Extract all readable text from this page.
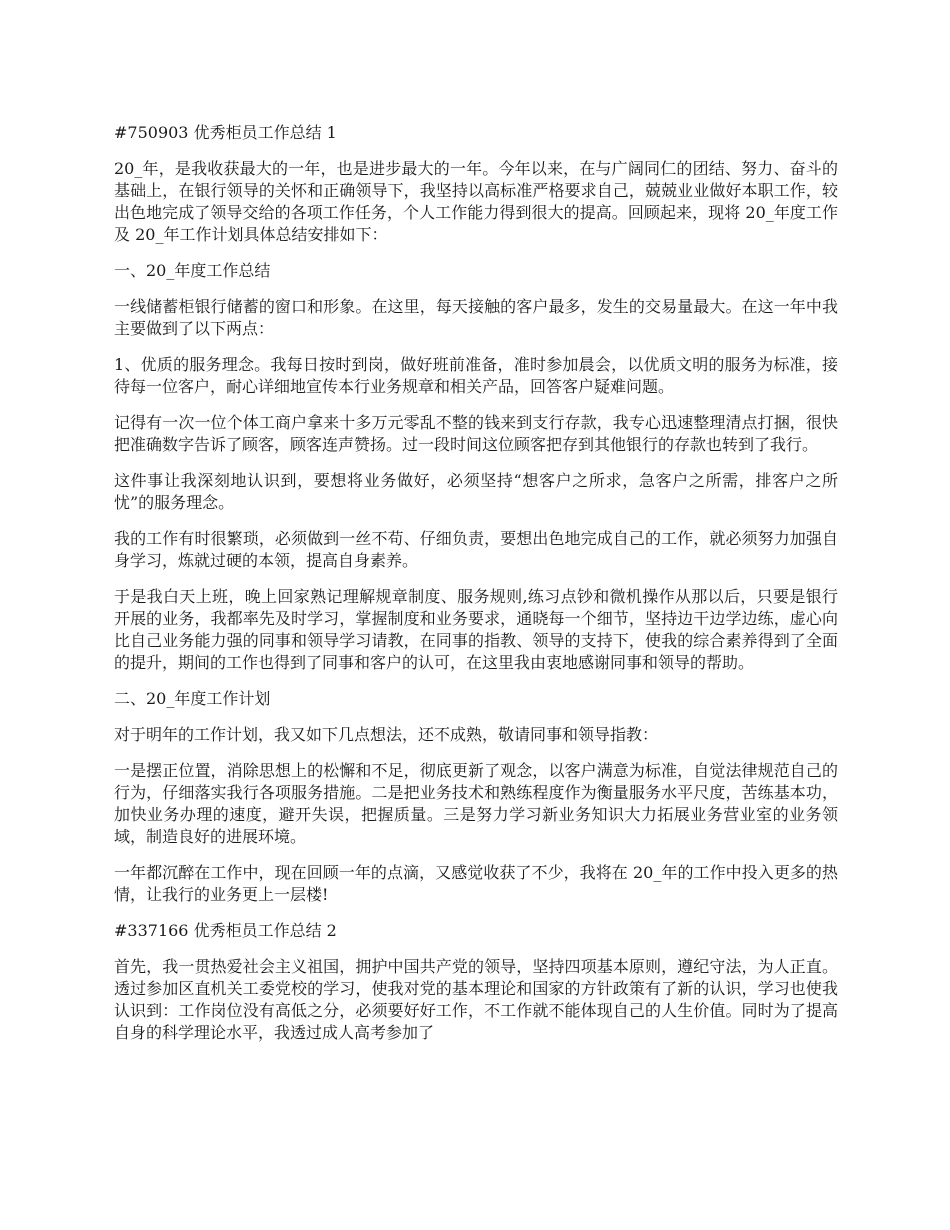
#750903 优秀柜员工作总结 1

20_年，是我收获最大的一年，也是进步最大的一年。今年以来，在与广阔同仁的团结、努力、奋斗的基础上，在银行领导的关怀和正确领导下，我坚持以高标准严格要求自己，兢兢业业做好本职工作，较出色地完成了领导交给的各项工作任务，个人工作能力得到很大的提高。回顾起来，现将 20_年度工作及 20_年工作计划具体总结安排如下：

一、20_年度工作总结

一线储蓄柜银行储蓄的窗口和形象。在这里，每天接触的客户最多，发生的交易量最大。在这一年中我主要做到了以下两点：

1、优质的服务理念。我每日按时到岗，做好班前准备，准时参加晨会，以优质文明的服务为标准，接待每一位客户，耐心详细地宣传本行业务规章和相关产品，回答客户疑难问题。

记得有一次一位个体工商户拿来十多万元零乱不整的钱来到支行存款，我专心迅速整理清点打捆，很快把准确数字告诉了顾客，顾客连声赞扬。过一段时间这位顾客把存到其他银行的存款也转到了我行。

这件事让我深刻地认识到，要想将业务做好，必须坚持“想客户之所求，急客户之所需，排客户之所忧”的服务理念。

我的工作有时很繁琐，必须做到一丝不苟、仔细负责，要想出色地完成自己的工作，就必须努力加强自身学习，炼就过硬的本领，提高自身素养。

于是我白天上班，晚上回家熟记理解规章制度、服务规则,练习点钞和微机操作从那以后，只要是银行开展的业务，我都率先及时学习，掌握制度和业务要求，通晓每一个细节，坚持边干边学边练，虚心向比自己业务能力强的同事和领导学习请教，在同事的指教、领导的支持下，使我的综合素养得到了全面的提升，期间的工作也得到了同事和客户的认可，在这里我由衷地感谢同事和领导的帮助。

二、20_年度工作计划

对于明年的工作计划，我又如下几点想法，还不成熟，敬请同事和领导指教：

一是摆正位置，消除思想上的松懈和不足，彻底更新了观念，以客户满意为标准，自觉法律规范自己的行为，仔细落实我行各项服务措施。二是把业务技术和熟练程度作为衡量服务水平尺度，苦练基本功，加快业务办理的速度，避开失误，把握质量。三是努力学习新业务知识大力拓展业务营业室的业务领域，制造良好的进展环境。

一年都沉醉在工作中，现在回顾一年的点滴，又感觉收获了不少，我将在 20_年的工作中投入更多的热情，让我行的业务更上一层楼!

#337166 优秀柜员工作总结 2

首先，我一贯热爱社会主义祖国，拥护中国共产党的领导，坚持四项基本原则，遵纪守法，为人正直。透过参加区直机关工委党校的学习，使我对党的基本理论和国家的方针政策有了新的认识，学习也使我认识到：工作岗位没有高低之分，必须要好好工作，不工作就不能体现自己的人生价值。同时为了提高自身的科学理论水平，我透过成人高考参加了
